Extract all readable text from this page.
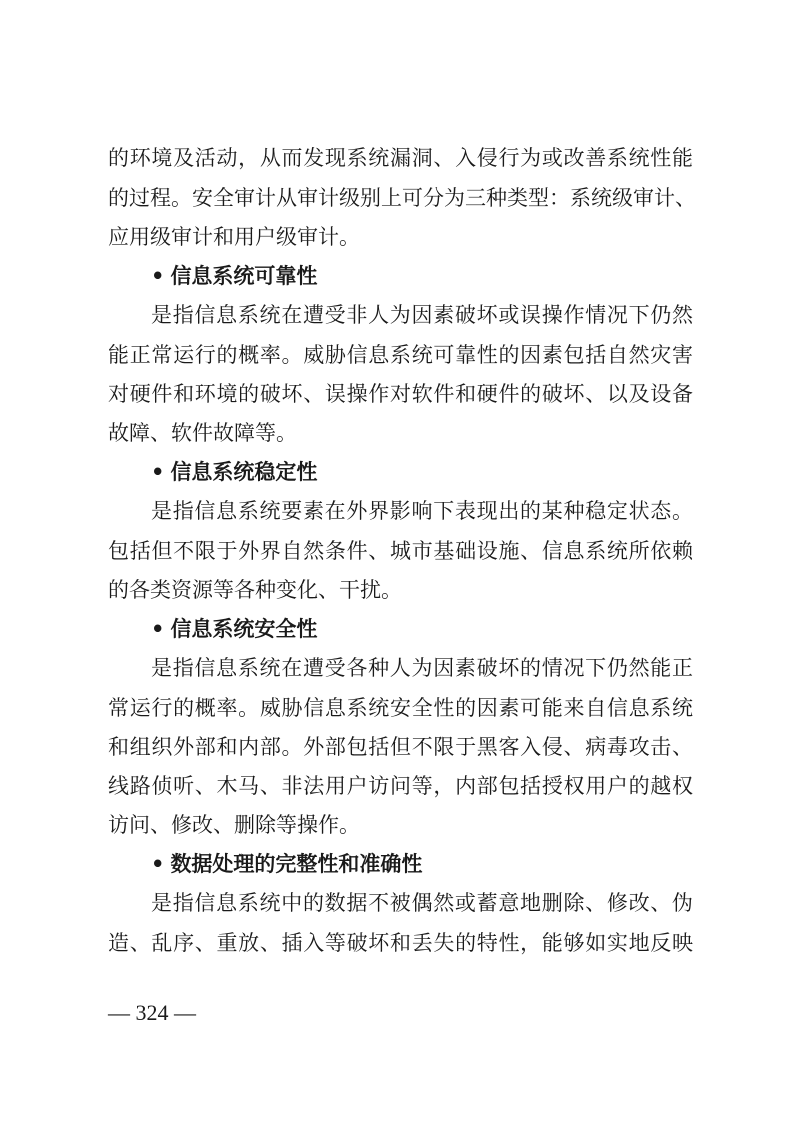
的环境及活动，从而发现系统漏洞、入侵行为或改善系统性能
的过程。安全审计从审计级别上可分为三种类型：系统级审计、
应用级审计和用户级审计。
• 信息系统可靠性
是指信息系统在遭受非人为因素破坏或误操作情况下仍然
能正常运行的概率。威胁信息系统可靠性的因素包括自然灾害
对硬件和环境的破坏、误操作对软件和硬件的破坏、以及设备
故障、软件故障等。
• 信息系统稳定性
是指信息系统要素在外界影响下表现出的某种稳定状态。
包括但不限于外界自然条件、城市基础设施、信息系统所依赖
的各类资源等各种变化、干扰。
• 信息系统安全性
是指信息系统在遭受各种人为因素破坏的情况下仍然能正
常运行的概率。威胁信息系统安全性的因素可能来自信息系统
和组织外部和内部。外部包括但不限于黑客入侵、病毒攻击、
线路侦听、木马、非法用户访问等，内部包括授权用户的越权
访问、修改、删除等操作。
• 数据处理的完整性和准确性
是指信息系统中的数据不被偶然或蓄意地删除、修改、伪
造、乱序、重放、插入等破坏和丢失的特性，能够如实地反映
— 324 —
